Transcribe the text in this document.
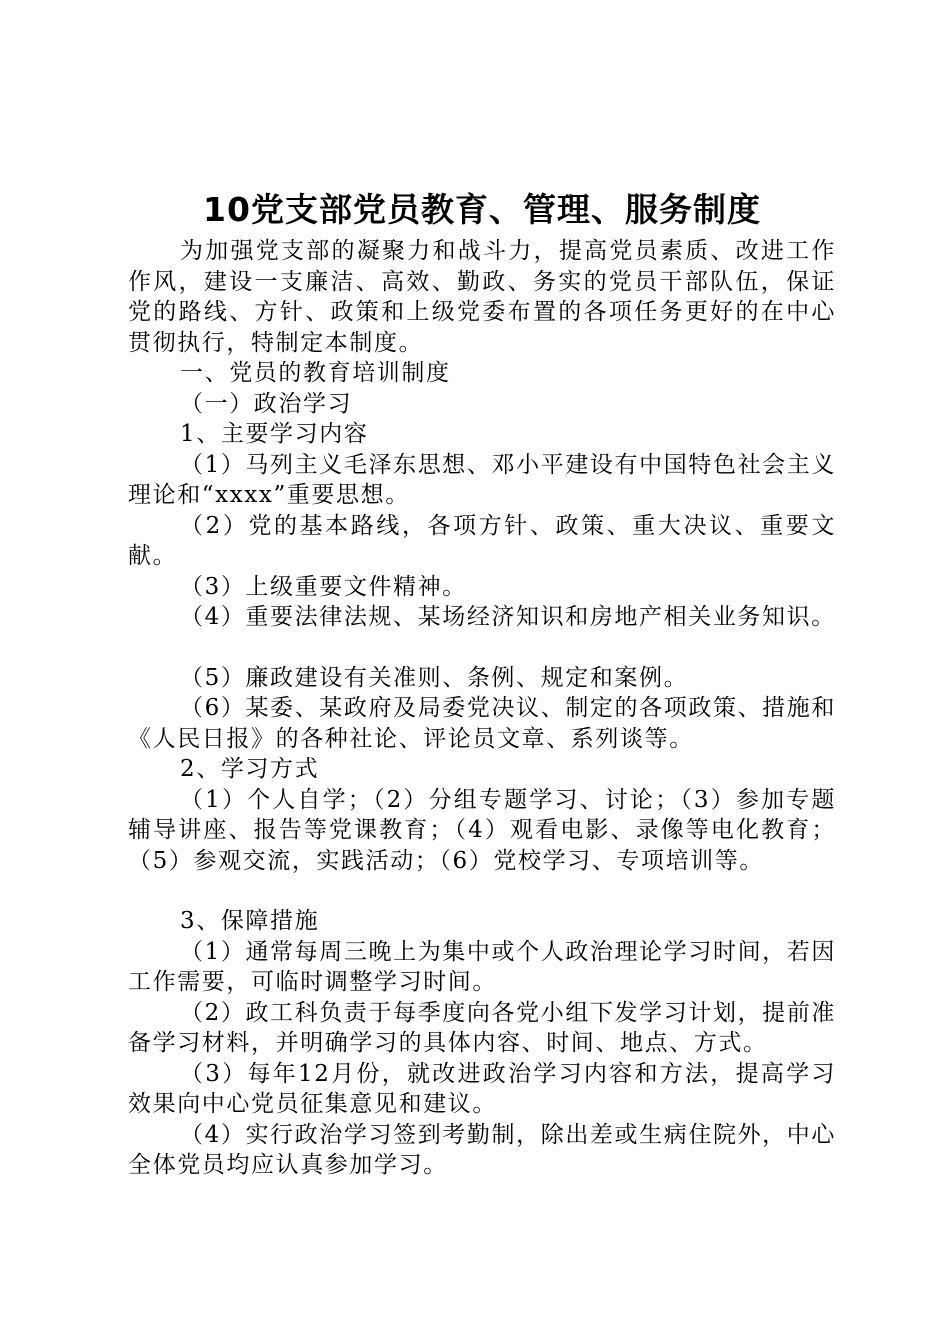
10党支部党员教育、管理、服务制度

为加强党支部的凝聚力和战斗力，提高党员素质、改进工作作风，建设一支廉洁、高效、勤政、务实的党员干部队伍，保证党的路线、方针、政策和上级党委布置的各项任务更好的在中心贯彻执行，特制定本制度。

一、党员的教育培训制度

（一）政治学习

1、主要学习内容

（1）马列主义毛泽东思想、邓小平建设有中国特色社会主义理论和“xxxx”重要思想。

（2）党的基本路线，各项方针、政策、重大决议、重要文献。

（3）上级重要文件精神。

（4）重要法律法规、某场经济知识和房地产相关业务知识。

（5）廉政建设有关准则、条例、规定和案例。

（6）某委、某政府及局委党决议、制定的各项政策、措施和《人民日报》的各种社论、评论员文章、系列谈等。

2、学习方式

（1）个人自学；（2）分组专题学习、讨论；（3）参加专题辅导讲座、报告等党课教育；（4）观看电影、录像等电化教育；（5）参观交流，实践活动；（6）党校学习、专项培训等。

3、保障措施

（1）通常每周三晚上为集中或个人政治理论学习时间，若因工作需要，可临时调整学习时间。

（2）政工科负责于每季度向各党小组下发学习计划，提前准备学习材料，并明确学习的具体内容、时间、地点、方式。

（3）每年12月份，就改进政治学习内容和方法，提高学习效果向中心党员征集意见和建议。

（4）实行政治学习签到考勤制，除出差或生病住院外，中心全体党员均应认真参加学习。
